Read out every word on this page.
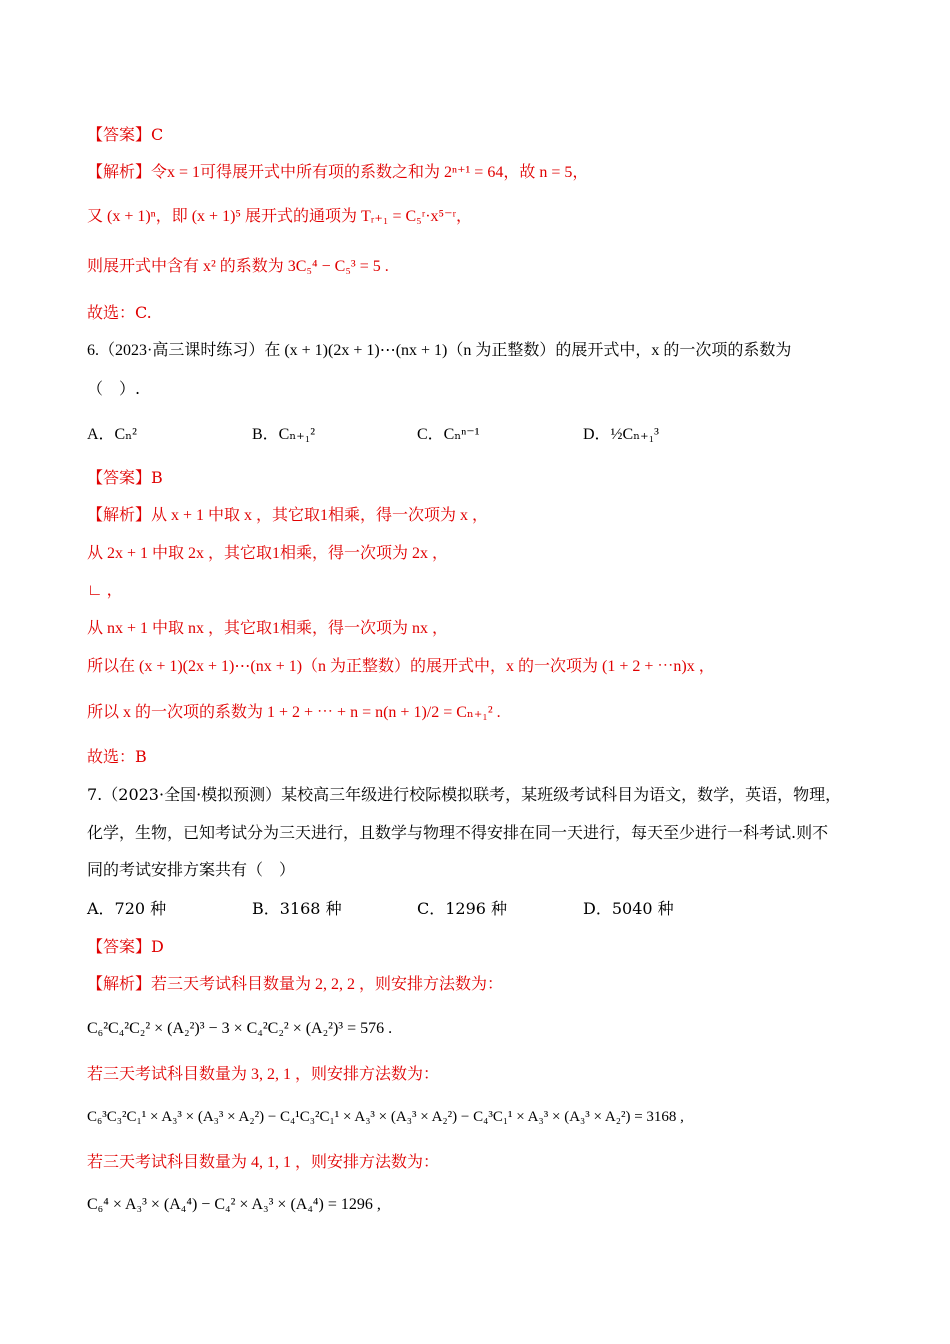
【答案】C
【解析】令x = 1可得展开式中所有项的系数之和为 2ⁿ⁺¹ = 64，故 n = 5，
又 (x + 1)ⁿ，即 (x + 1)⁵ 展开式的通项为 Tᵣ₊₁ = C₅ʳ·x⁵⁻ʳ，
则展开式中含有 x² 的系数为 3C₅⁴ − C₅³ = 5 .
故选：C.
6.（2023·高三课时练习）在 (x + 1)(2x + 1)⋯(nx + 1)（n 为正整数）的展开式中，x 的一次项的系数为
（　）.
A．Cₙ²	B．Cₙ₊₁²	C．Cₙⁿ⁻¹	D．½Cₙ₊₁³
【答案】B
【解析】从 x + 1 中取 x ，其它取1相乘，得一次项为 x ，
从 2x + 1 中取 2x ，其它取1相乘，得一次项为 2x ，
∟ ，
从 nx + 1 中取 nx ，其它取1相乘，得一次项为 nx ，
所以在 (x + 1)(2x + 1)⋯(nx + 1)（n 为正整数）的展开式中，x 的一次项为 (1 + 2 + ⋯n)x ，
所以 x 的一次项的系数为 1 + 2 + ⋯ + n = n(n + 1)/2 = Cₙ₊₁² .
故选：B
7.（2023·全国·模拟预测）某校高三年级进行校际模拟联考，某班级考试科目为语文，数学，英语，物理，
化学，生物，已知考试分为三天进行，且数学与物理不得安排在同一天进行，每天至少进行一科考试.则不
同的考试安排方案共有（　）
A．720 种	B．3168 种	C．1296 种	D．5040 种
【答案】D
【解析】若三天考试科目数量为 2, 2, 2 ，则安排方法数为：
C₆²C₄²C₂² × (A₂²)³ − 3 × C₄²C₂² × (A₂²)³ = 576 .
若三天考试科目数量为 3, 2, 1 ，则安排方法数为：
C₆³C₃²C₁¹ × A₃³ × (A₃³ × A₂²) − C₄¹C₃²C₁¹ × A₃³ × (A₃³ × A₂²) − C₄³C₁¹ × A₃³ × (A₃³ × A₂²) = 3168 ,
若三天考试科目数量为 4, 1, 1 ，则安排方法数为：
C₆⁴ × A₃³ × (A₄⁴) − C₄² × A₃³ × (A₄⁴) = 1296 ,
